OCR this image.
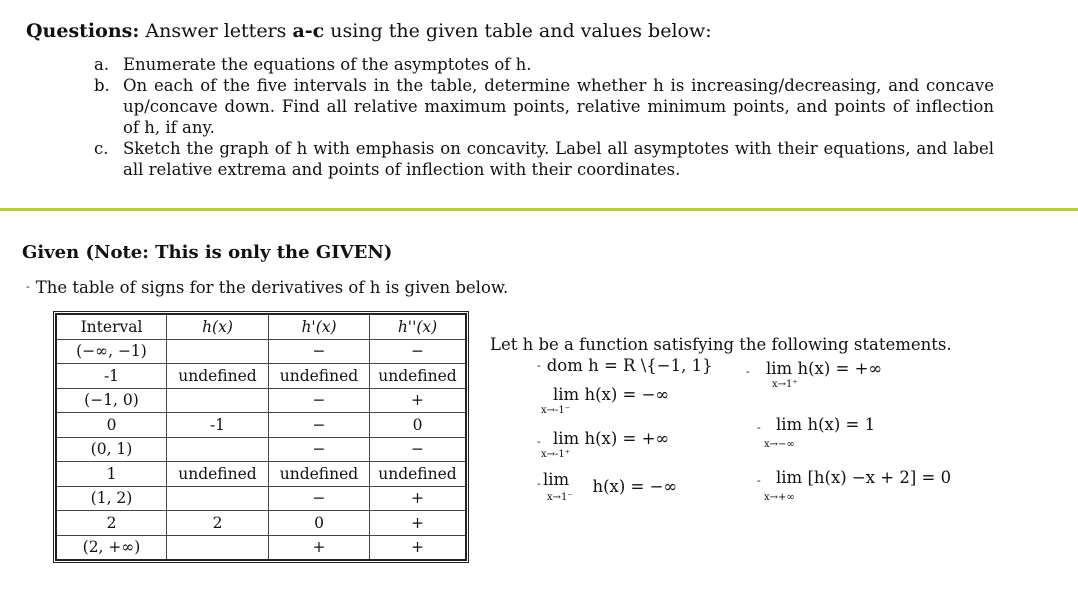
Questions: Answer letters a-c using the given table and values below:
a. Enumerate the equations of the asymptotes of h.
b. On each of the five intervals in the table, determine whether h is increasing/decreasing, and concave up/concave down. Find all relative maximum points, relative minimum points, and points of inflection of h, if any.
c. Sketch the graph of h with emphasis on concavity. Label all asymptotes with their equations, and label all relative extrema and points of inflection with their coordinates.
Given (Note: This is only the GIVEN)
- The table of signs for the derivatives of h is given below.
Interval	h(x)	h'(x)	h''(x)
(−∞, −1)		−	−
-1	undefined	undefined	undefined
(−1, 0)		−	+
0	-1	−	0
(0, 1)		−	−
1	undefined	undefined	undefined
(1, 2)		−	+
2	2	0	+
(2, +∞)		+	+
Let h be a function satisfying the following statements.
- dom h = R \{−1, 1}
lim h(x) = −∞
x→-1⁻
lim h(x) = +∞
x→-1⁺
lim h(x) = −∞
x→1⁻
lim h(x) = +∞
x→1⁺
lim h(x) = 1
x→−∞
lim [h(x) −x + 2] = 0
x→+∞
-
-
-
-
-
